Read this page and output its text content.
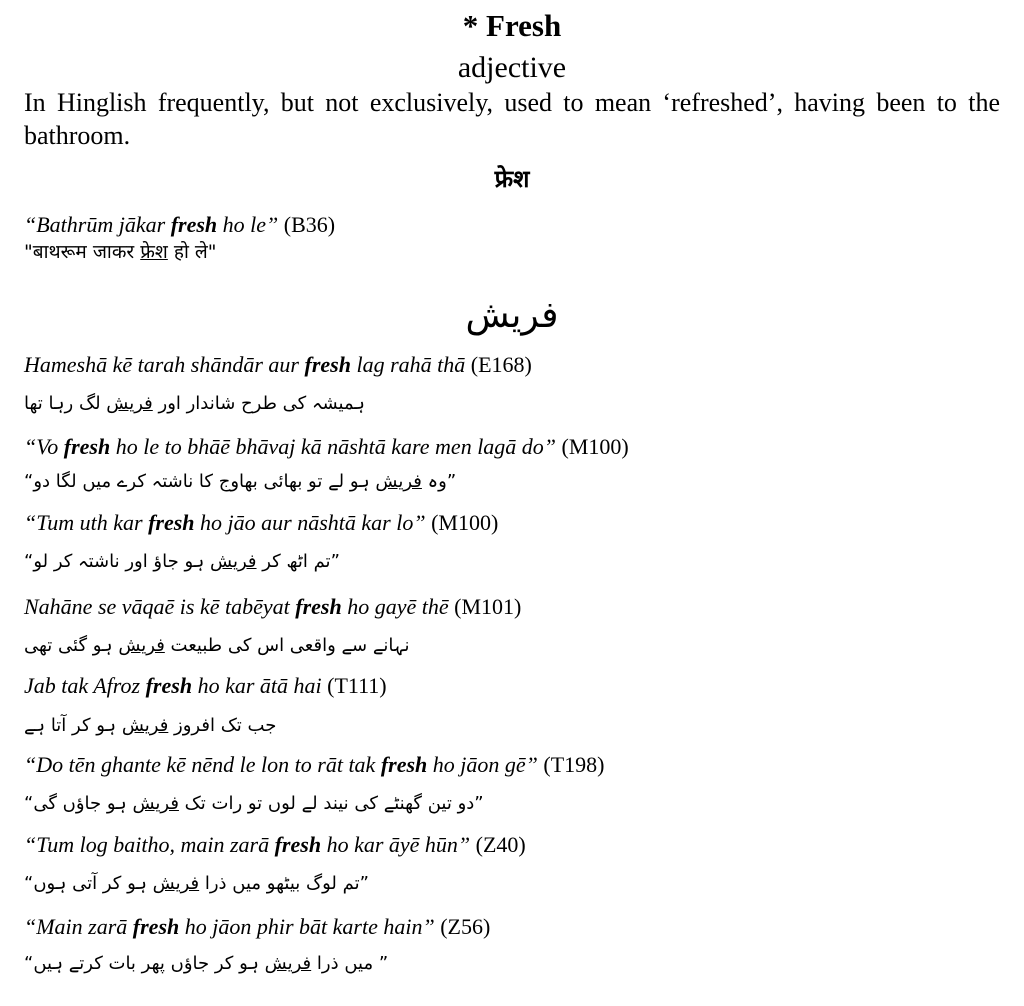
* Fresh
adjective
In Hinglish frequently, but not exclusively, used to mean ‘refreshed’, having been to the bathroom.
फ्रेश
“Bathrūm jākar fresh ho le” (B36)
"बाथरूम जाकर फ्रेश हो ले"
فریش
Hameshā kē tarah shāndār aur fresh lag rahā thā (E168)
ہمیشہ کی طرح شاندار اور فریش لگ رہا تھا
“Vo fresh ho le to bhāē bhāvaj kā nāshtā kare men lagā do” (M100)
”وہ فریش ہو لے تو بھائی بھاوج کا ناشتہ کرے میں لگا دو“
“Tum uth kar fresh ho jāo aur nāshtā kar lo” (M100)
”تم اٹھ کر فریش ہو جاؤ اور ناشتہ کر لو“
Nahāne se vāqaē is kē tabēyat fresh ho gayē thē (M101)
نہانے سے واقعی اس کی طبیعت فریش ہو گئی تھی
Jab tak Afroz fresh ho kar ātā hai (T111)
جب تک افروز فریش ہو کر آتا ہے
“Do tēn ghante kē nēnd le lon to rāt tak fresh ho jāon gē” (T198)
”دو تین گھنٹے کی نیند لے لوں تو رات تک فریش ہو جاؤں گی“
“Tum log baitho, main zarā fresh ho kar āyē hūn” (Z40)
”تم لوگ بیٹھو میں ذرا فریش ہو کر آتی ہوں“
“Main zarā fresh ho jāon phir bāt karte hain” (Z56)
” میں ذرا فریش ہو کر جاؤں پھر بات کرتے ہیں“
